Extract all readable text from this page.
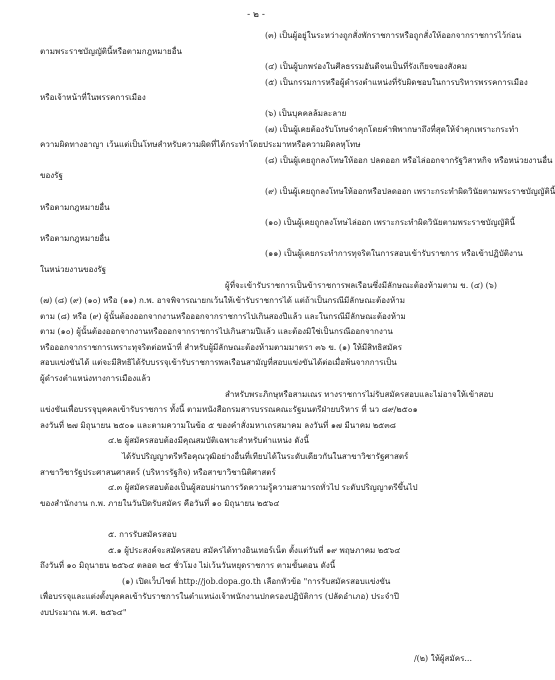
- ๒ -
(๓) เป็นผู้อยู่ในระหว่างถูกสั่งพักราชการหรือถูกสั่งให้ออกจากราชการไว้ก่อน
ตามพระราชบัญญัตินี้หรือตามกฎหมายอื่น
(๔) เป็นผู้บกพร่องในศีลธรรมอันดีจนเป็นที่รังเกียจของสังคม
(๕) เป็นกรรมการหรือผู้ดำรงตำแหน่งที่รับผิดชอบในการบริหารพรรคการเมือง
หรือเจ้าหน้าที่ในพรรคการเมือง
(๖) เป็นบุคคลล้มละลาย
(๗) เป็นผู้เคยต้องรับโทษจำคุกโดยคำพิพากษาถึงที่สุดให้จำคุกเพราะกระทำ
ความผิดทางอาญา เว้นแต่เป็นโทษสำหรับความผิดที่ได้กระทำโดยประมาทหรือความผิดลหุโทษ
(๘) เป็นผู้เคยถูกลงโทษให้ออก ปลดออก หรือไล่ออกจากรัฐวิสาหกิจ หรือหน่วยงานอื่น
ของรัฐ
(๙) เป็นผู้เคยถูกลงโทษให้ออกหรือปลดออก เพราะกระทำผิดวินัยตามพระราชบัญญัตินี้
หรือตามกฎหมายอื่น
(๑๐) เป็นผู้เคยถูกลงโทษไล่ออก เพราะกระทำผิดวินัยตามพระราชบัญญัตินี้
หรือตามกฎหมายอื่น
(๑๑) เป็นผู้เคยกระทำการทุจริตในการสอบเข้ารับราชการ หรือเข้าปฏิบัติงาน
ในหน่วยงานของรัฐ
ผู้ที่จะเข้ารับราชการเป็นข้าราชการพลเรือนซึ่งมีลักษณะต้องห้ามตาม ข. (๔) (๖)
(๗) (๘) (๙) (๑๐) หรือ (๑๑) ก.พ. อาจพิจารณายกเว้นให้เข้ารับราชการได้ แต่ถ้าเป็นกรณีมีลักษณะต้องห้าม
ตาม (๘) หรือ (๙) ผู้นั้นต้องออกจากงานหรือออกจากราชการไปเกินสองปีแล้ว และในกรณีมีลักษณะต้องห้าม
ตาม (๑๐) ผู้นั้นต้องออกจากงานหรือออกจากราชการไปเกินสามปีแล้ว และต้องมิใช่เป็นกรณีออกจากงาน
หรือออกจากราชการเพราะทุจริตต่อหน้าที่ สำหรับผู้มีลักษณะต้องห้ามตามมาตรา ๓๖ ข. (๑) ให้มีสิทธิสมัคร
สอบแข่งขันได้ แต่จะมีสิทธิได้รับบรรจุเข้ารับราชการพลเรือนสามัญที่สอบแข่งขันได้ต่อเมื่อพ้นจากการเป็น
ผู้ดำรงตำแหน่งทางการเมืองแล้ว
สำหรับพระภิกษุหรือสามเณร ทางราชการไม่รับสมัครสอบและไม่อาจให้เข้าสอบ
แข่งขันเพื่อบรรจุบุคคลเข้ารับราชการ ทั้งนี้ ตามหนังสือกรมสารบรรณคณะรัฐมนตรีฝ่ายบริหาร ที่ นว ๘๙/๒๕๐๑
ลงวันที่ ๒๗ มิถุนายน ๒๕๐๑ และตามความในข้อ ๕ ของคำสั่งมหาเถรสมาคม ลงวันที่ ๑๗ มีนาคม ๒๕๓๘
๔.๒ ผู้สมัครสอบต้องมีคุณสมบัติเฉพาะสำหรับตำแหน่ง ดังนี้
ได้รับปริญญาตรีหรือคุณวุฒิอย่างอื่นที่เทียบได้ในระดับเดียวกันในสาขาวิชารัฐศาสตร์
สาขาวิชารัฐประศาสนศาสตร์ (บริหารรัฐกิจ) หรือสาขาวิชานิติศาสตร์
๔.๓ ผู้สมัครสอบต้องเป็นผู้สอบผ่านการวัดความรู้ความสามารถทั่วไป ระดับปริญญาตรีขึ้นไป
ของสำนักงาน ก.พ. ภายในวันปิดรับสมัคร คือวันที่ ๑๐ มิถุนายน ๒๕๖๔

๕. การรับสมัครสอบ
๕.๑ ผู้ประสงค์จะสมัครสอบ สมัครได้ทางอินเทอร์เน็ต ตั้งแต่วันที่ ๑๙ พฤษภาคม ๒๕๖๔
ถึงวันที่ ๑๐ มิถุนายน ๒๕๖๔ ตลอด ๒๔ ชั่วโมง ไม่เว้นวันหยุดราชการ ตามขั้นตอน ดังนี้
(๑) เปิดเว็บไซต์ http://job.dopa.go.th เลือกหัวข้อ "การรับสมัครสอบแข่งขัน
เพื่อบรรจุและแต่งตั้งบุคคลเข้ารับราชการในตำแหน่งเจ้าพนักงานปกครองปฏิบัติการ (ปลัดอำเภอ) ประจำปี
งบประมาณ พ.ศ. ๒๕๖๔"
/(๒) ให้ผู้สมัคร...
